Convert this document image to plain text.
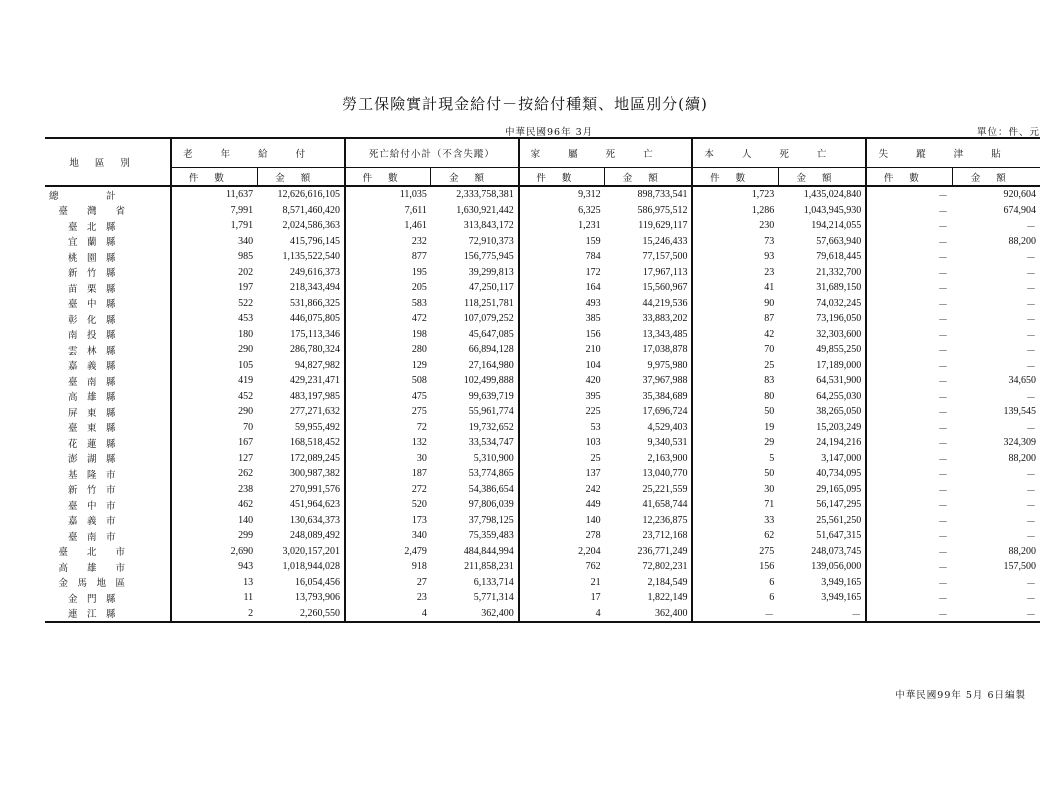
勞工保險實計現金給付－按給付種類、地區別分(續)
中華民國96年 3月	單位：件、元
地區別	老年給付		死亡給付小計（不含失蹤）		家屬死亡		本人死亡		失蹤津貼	
	件數	金額	件數	金額	件數	金額	件數	金額	件數	金額
總　　　　　計	11,637	12,626,616,105	11,035	2,333,758,381	9,312	898,733,541	1,723	1,435,024,840	－	920,604
　臺　　灣　　省	7,991	8,571,460,420	7,611	1,630,921,442	6,325	586,975,512	1,286	1,043,945,930	－	674,904
　　臺　北　縣	1,791	2,024,586,363	1,461	313,843,172	1,231	119,629,117	230	194,214,055	－	－
　　宜　蘭　縣	340	415,796,145	232	72,910,373	159	15,246,433	73	57,663,940	－	88,200
　　桃　園　縣	985	1,135,522,540	877	156,775,945	784	77,157,500	93	79,618,445	－	－
　　新　竹　縣	202	249,616,373	195	39,299,813	172	17,967,113	23	21,332,700	－	－
　　苗　栗　縣	197	218,343,494	205	47,250,117	164	15,560,967	41	31,689,150	－	－
　　臺　中　縣	522	531,866,325	583	118,251,781	493	44,219,536	90	74,032,245	－	－
　　彰　化　縣	453	446,075,805	472	107,079,252	385	33,883,202	87	73,196,050	－	－
　　南　投　縣	180	175,113,346	198	45,647,085	156	13,343,485	42	32,303,600	－	－
　　雲　林　縣	290	286,780,324	280	66,894,128	210	17,038,878	70	49,855,250	－	－
　　嘉　義　縣	105	94,827,982	129	27,164,980	104	9,975,980	25	17,189,000	－	－
　　臺　南　縣	419	429,231,471	508	102,499,888	420	37,967,988	83	64,531,900	－	34,650
　　高　雄　縣	452	483,197,985	475	99,639,719	395	35,384,689	80	64,255,030	－	－
　　屏　東　縣	290	277,271,632	275	55,961,774	225	17,696,724	50	38,265,050	－	139,545
　　臺　東　縣	70	59,955,492	72	19,732,652	53	4,529,403	19	15,203,249	－	－
　　花　蓮　縣	167	168,518,452	132	33,534,747	103	9,340,531	29	24,194,216	－	324,309
　　澎　湖　縣	127	172,089,245	30	5,310,900	25	2,163,900	5	3,147,000	－	88,200
　　基　隆　市	262	300,987,382	187	53,774,865	137	13,040,770	50	40,734,095	－	－
　　新　竹　市	238	270,991,576	272	54,386,654	242	25,221,559	30	29,165,095	－	－
　　臺　中　市	462	451,964,623	520	97,806,039	449	41,658,744	71	56,147,295	－	－
　　嘉　義　市	140	130,634,373	173	37,798,125	140	12,236,875	33	25,561,250	－	－
　　臺　南　市	299	248,089,492	340	75,359,483	278	23,712,168	62	51,647,315	－	－
　臺　　北　　市	2,690	3,020,157,201	2,479	484,844,994	2,204	236,771,249	275	248,073,745	－	88,200
　高　　雄　　市	943	1,018,944,028	918	211,858,231	762	72,802,231	156	139,056,000	－	157,500
　金　馬　地　區	13	16,054,456	27	6,133,714	21	2,184,549	6	3,949,165	－	－
　　金　門　縣	11	13,793,906	23	5,771,314	17	1,822,149	6	3,949,165	－	－
　　連　江　縣	2	2,260,550	4	362,400	4	362,400	－	－	－	－
中華民國99年 5月 6日編製
